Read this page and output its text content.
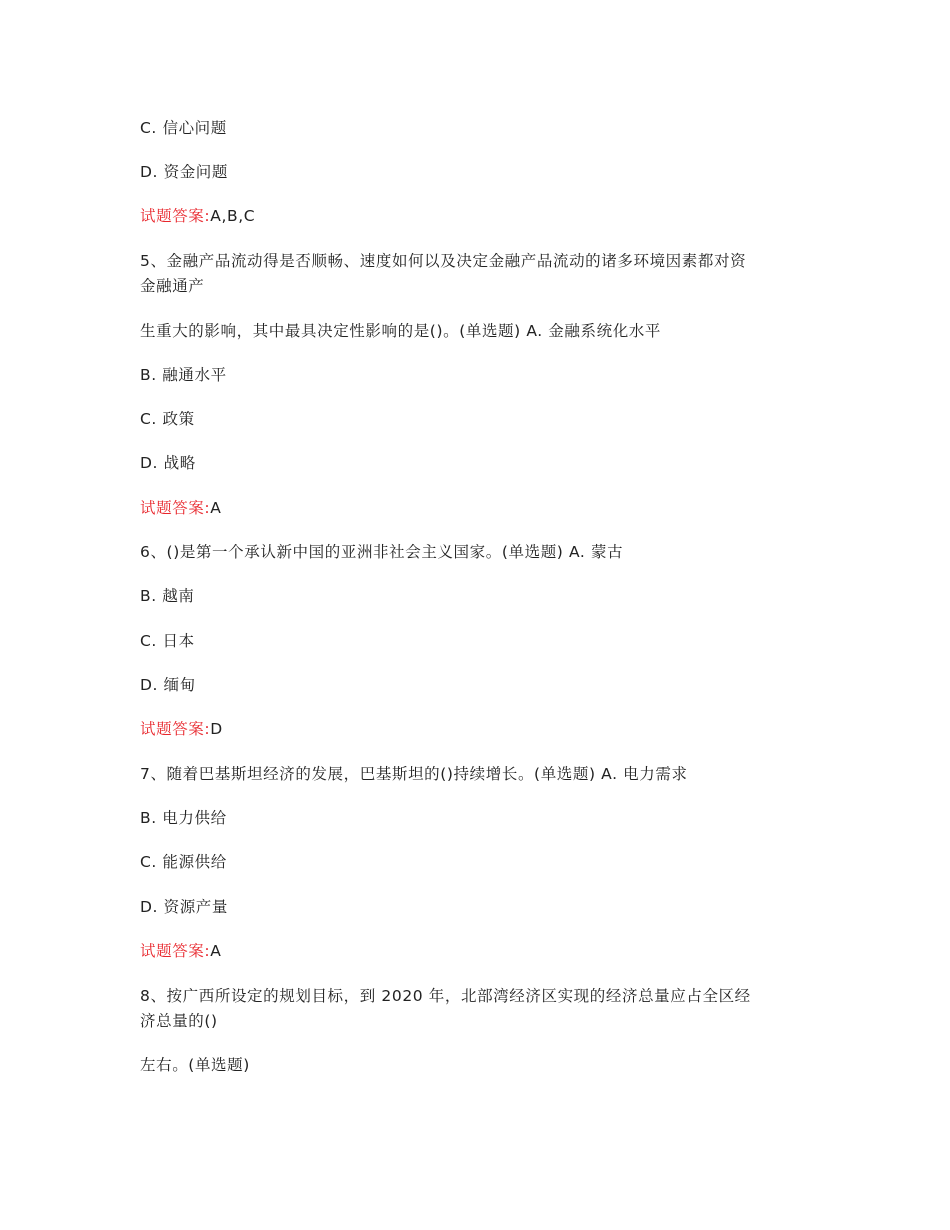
C. 信心问题
D. 资金问题
试题答案:A,B,C
5、金融产品流动得是否顺畅、速度如何以及决定金融产品流动的诸多环境因素都对资
金融通产
生重大的影响，其中最具决定性影响的是()。(单选题) A. 金融系统化水平
B. 融通水平
C. 政策
D. 战略
试题答案:A
6、()是第一个承认新中国的亚洲非社会主义国家。(单选题) A. 蒙古
B. 越南
C. 日本
D. 缅甸
试题答案:D
7、随着巴基斯坦经济的发展，巴基斯坦的()持续增长。(单选题) A. 电力需求
B. 电力供给
C. 能源供给
D. 资源产量
试题答案:A
8、按广西所设定的规划目标，到 2020 年，北部湾经济区实现的经济总量应占全区经
济总量的()
左右。(单选题)
